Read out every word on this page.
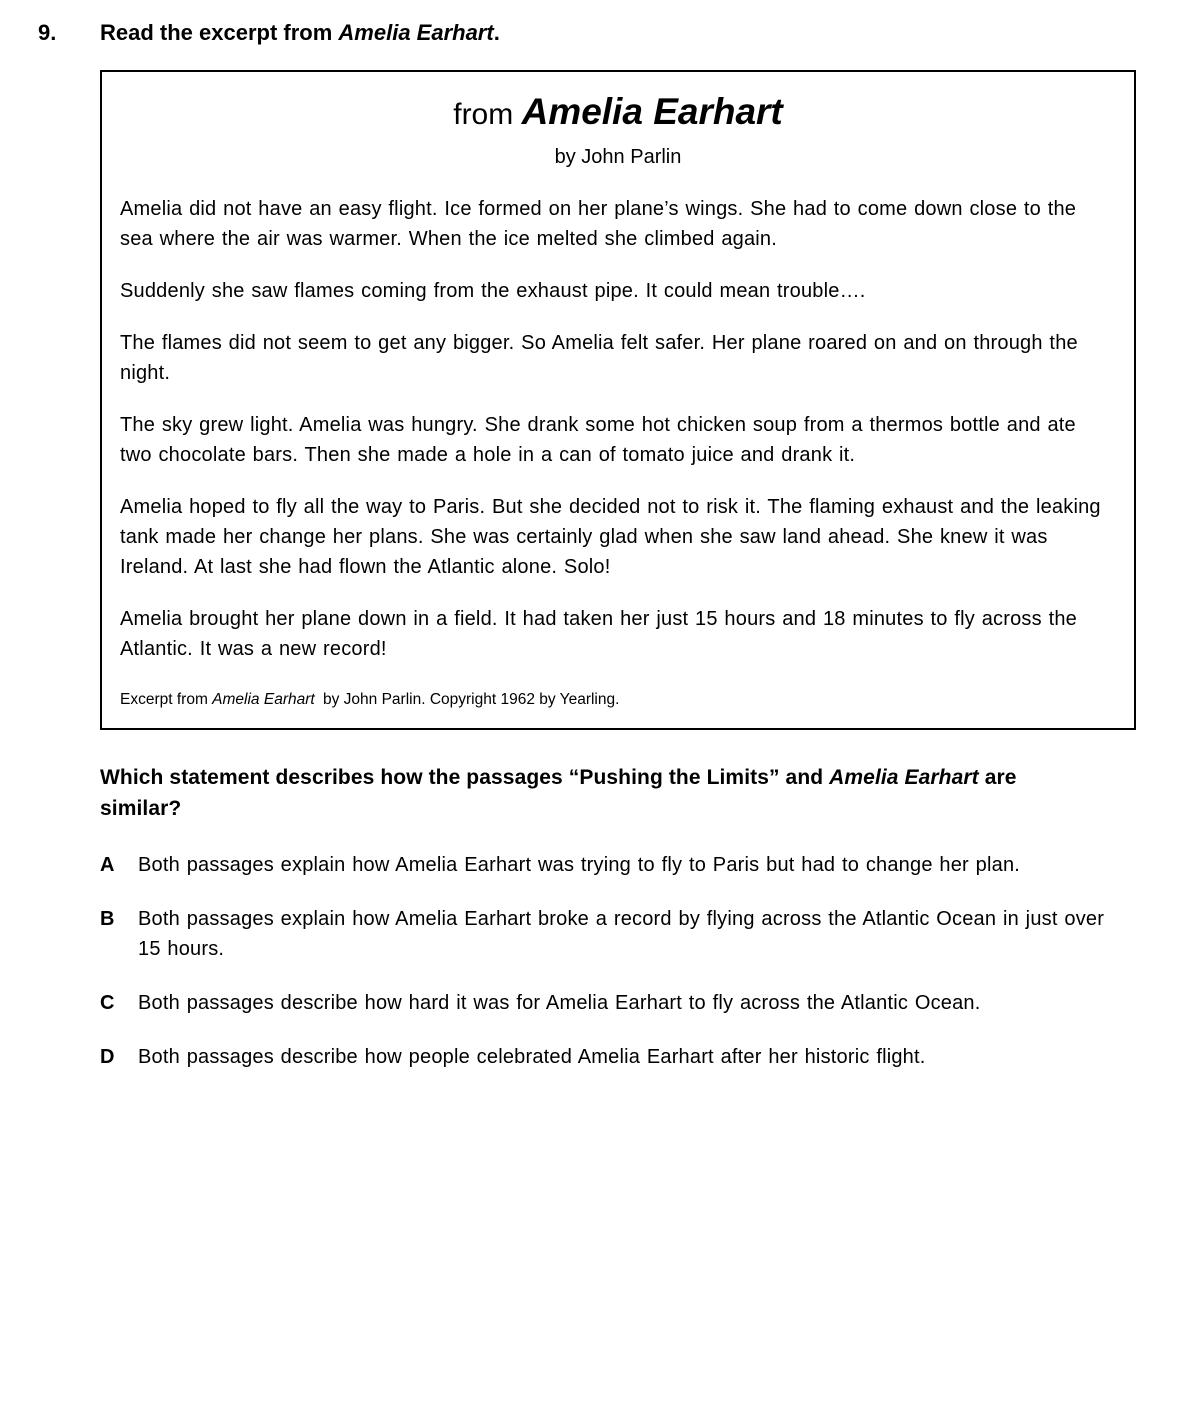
9.	Read the excerpt from Amelia Earhart.
from Amelia Earhart
by John Parlin

Amelia did not have an easy flight. Ice formed on her plane’s wings. She had to come down close to the sea where the air was warmer. When the ice melted she climbed again.

Suddenly she saw flames coming from the exhaust pipe. It could mean trouble….

The flames did not seem to get any bigger. So Amelia felt safer. Her plane roared on and on through the night.

The sky grew light. Amelia was hungry. She drank some hot chicken soup from a thermos bottle and ate two chocolate bars. Then she made a hole in a can of tomato juice and drank it.

Amelia hoped to fly all the way to Paris. But she decided not to risk it. The flaming exhaust and the leaking tank made her change her plans. She was certainly glad when she saw land ahead. She knew it was Ireland. At last she had flown the Atlantic alone. Solo!

Amelia brought her plane down in a field. It had taken her just 15 hours and 18 minutes to fly across the Atlantic. It was a new record!

Excerpt from Amelia Earhart by John Parlin. Copyright 1962 by Yearling.
Which statement describes how the passages “Pushing the Limits” and Amelia Earhart are similar?
A	Both passages explain how Amelia Earhart was trying to fly to Paris but had to change her plan.
B	Both passages explain how Amelia Earhart broke a record by flying across the Atlantic Ocean in just over 15 hours.
C	Both passages describe how hard it was for Amelia Earhart to fly across the Atlantic Ocean.
D	Both passages describe how people celebrated Amelia Earhart after her historic flight.
